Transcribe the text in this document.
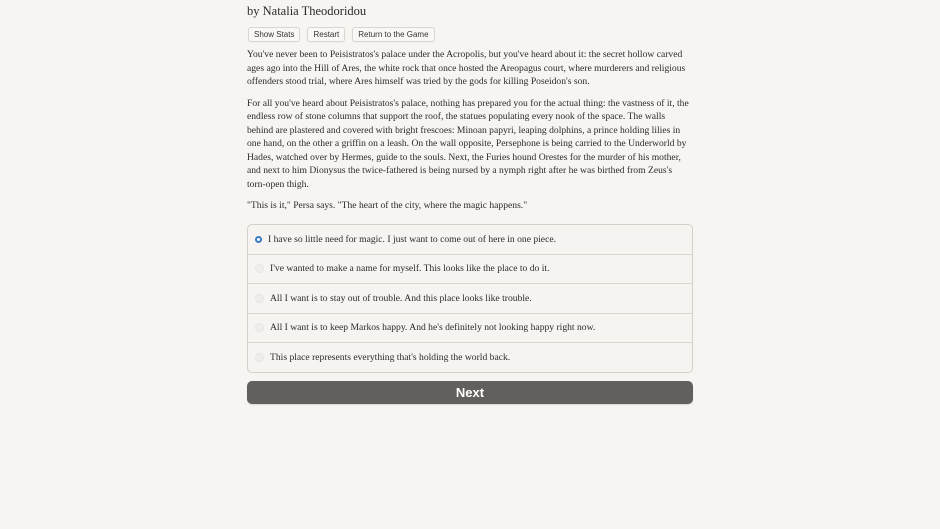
by Natalia Theodoridou
Show Stats	Restart	Return to the Game

You've never been to Peisistratos's palace under the Acropolis, but you've heard about it: the secret hollow carved ages ago into the Hill of Ares, the white rock that once hosted the Areopagus court, where murderers and religious offenders stood trial, where Ares himself was tried by the gods for killing Poseidon's son.

For all you've heard about Peisistratos's palace, nothing has prepared you for the actual thing: the vastness of it, the endless row of stone columns that support the roof, the statues populating every nook of the space. The walls behind are plastered and covered with bright frescoes: Minoan papyri, leaping dolphins, a prince holding lilies in one hand, on the other a griffin on a leash. On the wall opposite, Persephone is being carried to the Underworld by Hades, watched over by Hermes, guide to the souls. Next, the Furies hound Orestes for the murder of his mother, and next to him Dionysus the twice-fathered is being nursed by a nymph right after he was birthed from Zeus's torn-open thigh.

"This is it," Persa says. "The heart of the city, where the magic happens."

I have so little need for magic. I just want to come out of here in one piece.
I've wanted to make a name for myself. This looks like the place to do it.
All I want is to stay out of trouble. And this place looks like trouble.
All I want is to keep Markos happy. And he's definitely not looking happy right now.
This place represents everything that's holding the world back.
Next
